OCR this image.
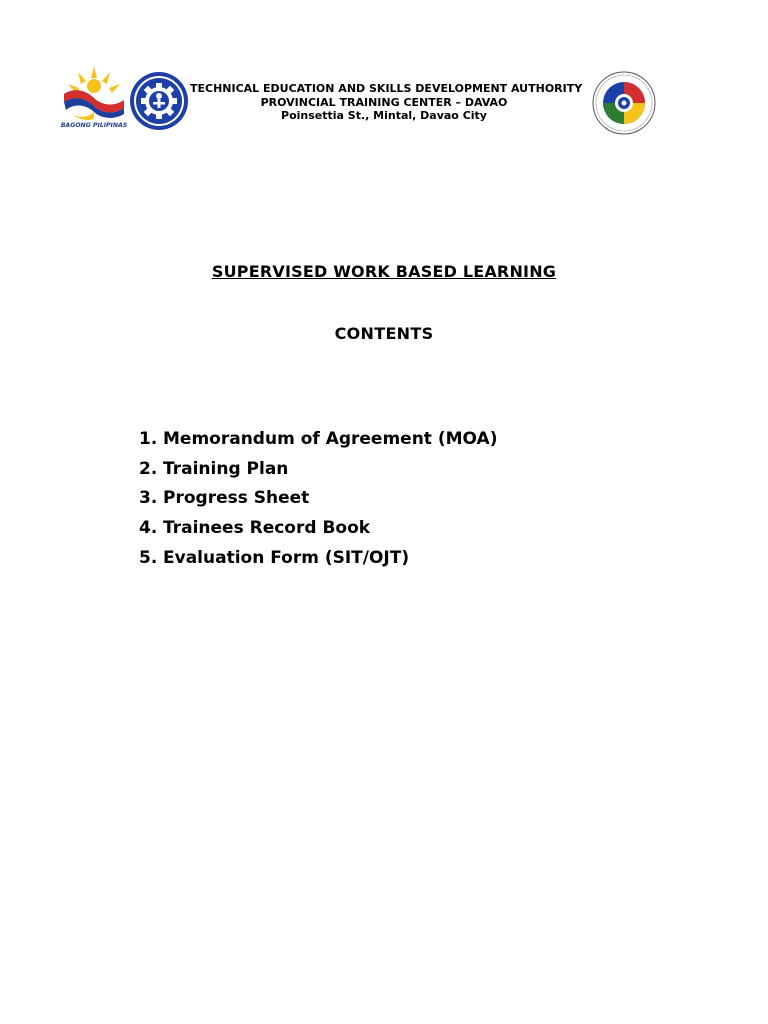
BAGONG PILIPINAS
TECHNICAL EDUCATION AND SKILLS DEVELOPMENT AUTHORITY
PROVINCIAL TRAINING CENTER – DAVAO
Poinsettia St., Mintal, Davao City
SUPERVISED WORK BASED LEARNING
CONTENTS
1. Memorandum of Agreement (MOA)
2. Training Plan
3. Progress Sheet
4. Trainees Record Book
5. Evaluation Form (SIT/OJT)
